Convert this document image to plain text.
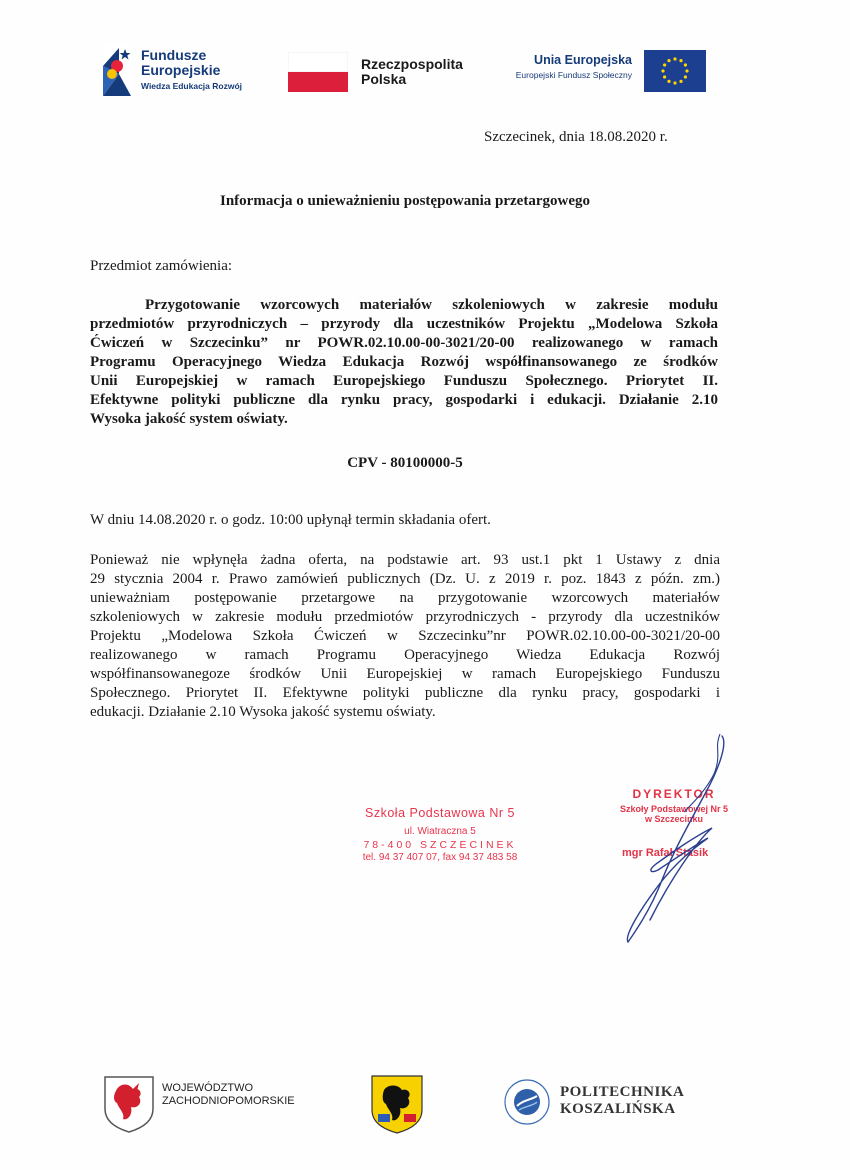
Fundusze
Europejskie
Wiedza Edukacja Rozwój
Rzeczpospolita
Polska
Unia Europejska
Europejski Fundusz Społeczny
Szczecinek, dnia 18.08.2020 r.
Informacja o unieważnieniu postępowania przetargowego
Przedmiot zamówienia:
Przygotowanie wzorcowych materiałów szkoleniowych w zakresie modułu
przedmiotów przyrodniczych – przyrody dla uczestników Projektu „Modelowa Szkoła
Ćwiczeń w Szczecinku” nr POWR.02.10.00-00-3021/20-00 realizowanego w ramach
Programu Operacyjnego Wiedza Edukacja Rozwój współfinansowanego ze środków
Unii Europejskiej w ramach Europejskiego Funduszu Społecznego. Priorytet II.
Efektywne polityki publiczne dla rynku pracy, gospodarki i edukacji. Działanie 2.10
Wysoka jakość system oświaty.
CPV - 80100000-5
W dniu 14.08.2020 r. o godz. 10:00 upłynął termin składania ofert.
Ponieważ nie wpłynęła żadna oferta, na podstawie art. 93 ust.1 pkt 1 Ustawy z dnia
29 stycznia 2004 r. Prawo zamówień publicznych (Dz. U. z 2019 r. poz. 1843 z późn. zm.)
unieważniam postępowanie przetargowe na przygotowanie wzorcowych materiałów
szkoleniowych w zakresie modułu przedmiotów przyrodniczych - przyrody dla uczestników
Projektu „Modelowa Szkoła Ćwiczeń w Szczecinku”nr POWR.02.10.00-00-3021/20-00
realizowanego w ramach Programu Operacyjnego Wiedza Edukacja Rozwój
współfinansowanegoze środków Unii Europejskiej w ramach Europejskiego Funduszu
Społecznego. Priorytet II. Efektywne polityki publiczne dla rynku pracy, gospodarki i
edukacji. Działanie 2.10 Wysoka jakość systemu oświaty.
Szkoła Podstawowa Nr 5
ul. Wiatraczna 5
78-400 SZCZECINEK
tel. 94 37 407 07, fax 94 37 483 58
DYREKTOR
Szkoły Podstawowej Nr 5
w Szczecinku
mgr Rafał Stasik
WOJEWÓDZTWO
ZACHODNIOPOMORSKIE
POLITECHNIKA
KOSZALIŃSKA
